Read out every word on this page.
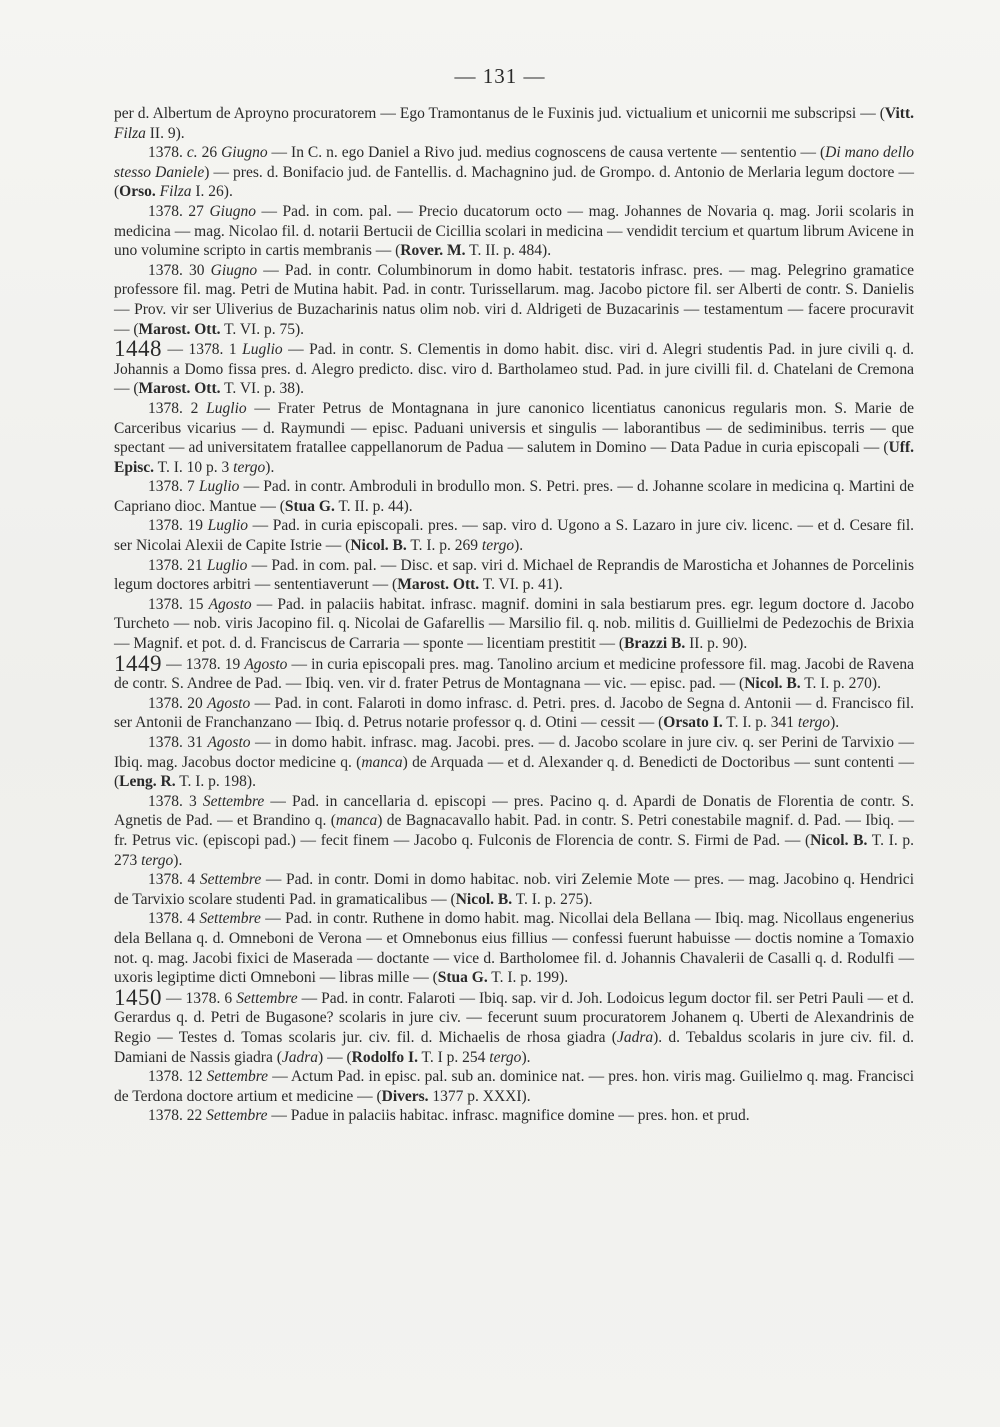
— 131 —

per d. Albertum de Aproyno procuratorem — Ego Tramontanus de le Fuxinis jud. victualium et unicornii me subscripsi — (Vitt. Filza II. 9).

1378. c. 26 Giugno — In C. n. ego Daniel a Rivo jud. medius cognoscens de causa vertente — sententio — (Di mano dello stesso Daniele) — pres. d. Bonifacio jud. de Fantellis. d. Machagnino jud. de Grompo. d. Antonio de Merlaria legum doctore — (Orso. Filza I. 26).

1378. 27 Giugno — Pad. in com. pal. — Precio ducatorum octo — mag. Johannes de Novaria q. mag. Jorii scolaris in medicina — mag. Nicolao fil. d. notarii Bertucii de Cicillia scolari in medicina — vendidit tercium et quartum librum Avicene in uno volumine scripto in cartis membranis — (Rover. M. T. II. p. 484).

1378. 30 Giugno — Pad. in contr. Columbinorum in domo habit. testatoris infrasc. pres. — mag. Pelegrino gramatice professore fil. mag. Petri de Mutina habit. Pad. in contr. Turissellarum. mag. Jacobo pictore fil. ser Alberti de contr. S. Danielis — Prov. vir ser Uliverius de Buzacharinis natus olim nob. viri d. Aldrigeti de Buzacarinis — testamentum — facere procuravit — (Marost. Ott. T. VI. p. 75).

1448 — 1378. 1 Luglio — Pad. in contr. S. Clementis in domo habit. disc. viri d. Alegri studentis Pad. in jure civili q. d. Johannis a Domo fissa pres. d. Alegro predicto. disc. viro d. Bartholameo stud. Pad. in jure civilli fil. d. Chatelani de Cremona — (Marost. Ott. T. VI. p. 38).

1378. 2 Luglio — Frater Petrus de Montagnana in jure canonico licentiatus canonicus regularis mon. S. Marie de Carceribus vicarius — d. Raymundi — episc. Paduani universis et singulis — laborantibus — de sediminibus. terris — que spectant — ad universitatem fratallee cappellanorum de Padua — salutem in Domino — Data Padue in curia episcopali — (Uff. Episc. T. I. 10 p. 3 tergo).

1378. 7 Luglio — Pad. in contr. Ambroduli in brodullo mon. S. Petri. pres. — d. Johanne scolare in medicina q. Martini de Capriano dioc. Mantue — (Stua G. T. II. p. 44).

1378. 19 Luglio — Pad. in curia episcopali. pres. — sap. viro d. Ugono a S. Lazaro in jure civ. licenc. — et d. Cesare fil. ser Nicolai Alexii de Capite Istrie — (Nicol. B. T. I. p. 269 tergo).

1378. 21 Luglio — Pad. in com. pal. — Disc. et sap. viri d. Michael de Reprandis de Marosticha et Johannes de Porcelinis legum doctores arbitri — sententiaverunt — (Marost. Ott. T. VI. p. 41).

1378. 15 Agosto — Pad. in palaciis habitat. infrasc. magnif. domini in sala bestiarum pres. egr. legum doctore d. Jacobo Turcheto — nob. viris Jacopino fil. q. Nicolai de Gafarellis — Marsilio fil. q. nob. militis d. Guillielmi de Pedezochis de Brixia — Magnif. et pot. d. d. Franciscus de Carraria — sponte — licentiam prestitit — (Brazzi B. II. p. 90).

1449 — 1378. 19 Agosto — in curia episcopali pres. mag. Tanolino arcium et medicine professore fil. mag. Jacobi de Ravena de contr. S. Andree de Pad. — Ibiq. ven. vir d. frater Petrus de Montagnana — vic. — episc. pad. — (Nicol. B. T. I. p. 270).

1378. 20 Agosto — Pad. in cont. Falaroti in domo infrasc. d. Petri. pres. d. Jacobo de Segna d. Antonii — d. Francisco fil. ser Antonii de Franchanzano — Ibiq. d. Petrus notarie professor q. d. Otini — cessit — (Orsato I. T. I. p. 341 tergo).

1378. 31 Agosto — in domo habit. infrasc. mag. Jacobi. pres. — d. Jacobo scolare in jure civ. q. ser Perini de Tarvixio — Ibiq. mag. Jacobus doctor medicine q. (manca) de Arquada — et d. Alexander q. d. Benedicti de Doctoribus — sunt contenti — (Leng. R. T. I. p. 198).

1378. 3 Settembre — Pad. in cancellaria d. episcopi — pres. Pacino q. d. Apardi de Donatis de Florentia de contr. S. Agnetis de Pad. — et Brandino q. (manca) de Bagnacavallo habit. Pad. in contr. S. Petri conestabile magnif. d. Pad. — Ibiq. — fr. Petrus vic. (episcopi pad.) — fecit finem — Jacobo q. Fulconis de Florencia de contr. S. Firmi de Pad. — (Nicol. B. T. I. p. 273 tergo).

1378. 4 Settembre — Pad. in contr. Domi in domo habitac. nob. viri Zelemie Mote — pres. — mag. Jacobino q. Hendrici de Tarvixio scolare studenti Pad. in gramaticalibus — (Nicol. B. T. I. p. 275).

1378. 4 Settembre — Pad. in contr. Ruthene in domo habit. mag. Nicollai dela Bellana — Ibiq. mag. Nicollaus engenerius dela Bellana q. d. Omneboni de Verona — et Omnebonus eius fillius — confessi fuerunt habuisse — doctis nomine a Tomaxio not. q. mag. Jacobi fixici de Maserada — doctante — vice d. Bartholomee fil. d. Johannis Chavalerii de Casalli q. d. Rodulfi — uxoris legiptime dicti Omneboni — libras mille — (Stua G. T. I. p. 199).

1450 — 1378. 6 Settembre — Pad. in contr. Falaroti — Ibiq. sap. vir d. Joh. Lodoicus legum doctor fil. ser Petri Pauli — et d. Gerardus q. d. Petri de Bugasone? scolaris in jure civ. — fecerunt suum procuratorem Johanem q. Uberti de Alexandrinis de Regio — Testes d. Tomas scolaris jur. civ. fil. d. Michaelis de rhosa giadra (Jadra). d. Tebaldus scolaris in jure civ. fil. d. Damiani de Nassis giadra (Jadra) — (Rodolfo I. T. I p. 254 tergo).

1378. 12 Settembre — Actum Pad. in episc. pal. sub an. dominice nat. — pres. hon. viris mag. Guilielmo q. mag. Francisci de Terdona doctore artium et medicine — (Divers. 1377 p. XXXI).

1378. 22 Settembre — Padue in palaciis habitac. infrasc. magnifice domine — pres. hon. et prud.
